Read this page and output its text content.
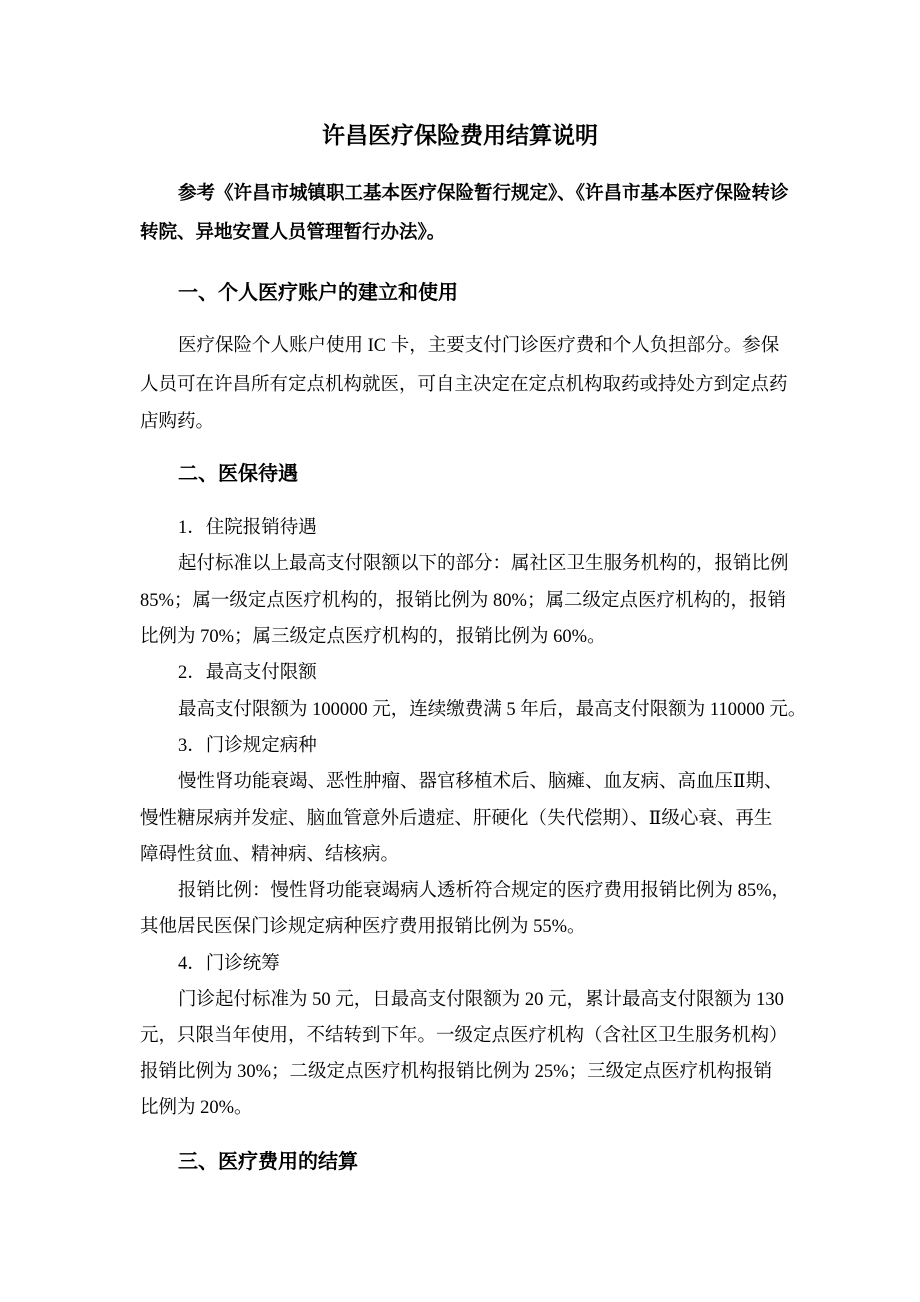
许昌医疗保险费用结算说明
参考《许昌市城镇职工基本医疗保险暂行规定》、《许昌市基本医疗保险转诊
转院、异地安置人员管理暂行办法》。
一、个人医疗账户的建立和使用
医疗保险个人账户使用 IC 卡，主要支付门诊医疗费和个人负担部分。参保
人员可在许昌所有定点机构就医，可自主决定在定点机构取药或持处方到定点药
店购药。
二、医保待遇
1．住院报销待遇
起付标准以上最高支付限额以下的部分：属社区卫生服务机构的，报销比例
85%；属一级定点医疗机构的，报销比例为 80%；属二级定点医疗机构的，报销
比例为 70%；属三级定点医疗机构的，报销比例为 60%。
2．最高支付限额
最高支付限额为 100000 元，连续缴费满 5 年后，最高支付限额为 110000 元。
3．门诊规定病种
慢性肾功能衰竭、恶性肿瘤、器官移植术后、脑瘫、血友病、高血压Ⅱ期、
慢性糖尿病并发症、脑血管意外后遗症、肝硬化（失代偿期）、Ⅱ级心衰、再生
障碍性贫血、精神病、结核病。
报销比例：慢性肾功能衰竭病人透析符合规定的医疗费用报销比例为 85%，
其他居民医保门诊规定病种医疗费用报销比例为 55%。
4．门诊统筹
门诊起付标准为 50 元，日最高支付限额为 20 元，累计最高支付限额为 130
元，只限当年使用，不结转到下年。一级定点医疗机构（含社区卫生服务机构）
报销比例为 30%；二级定点医疗机构报销比例为 25%；三级定点医疗机构报销
比例为 20%。
三、医疗费用的结算
